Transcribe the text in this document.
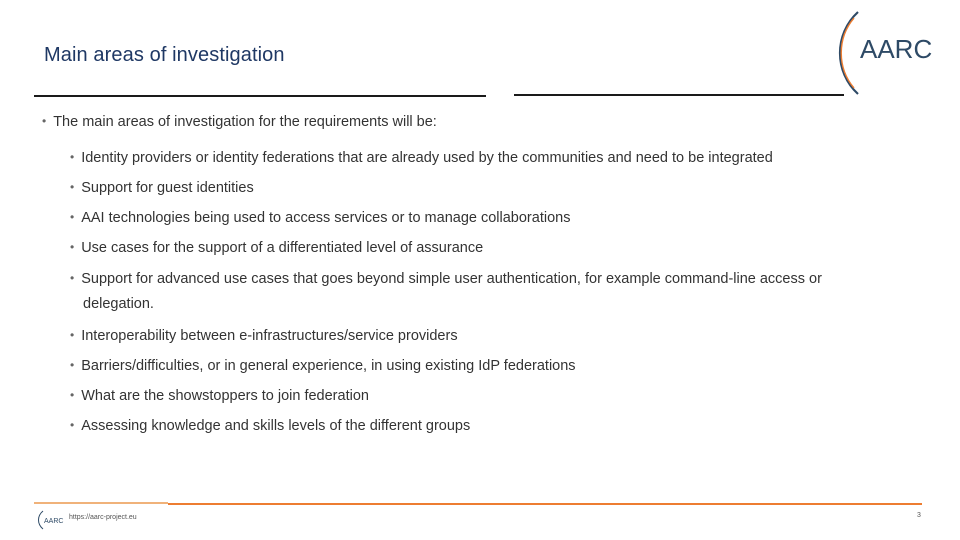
Main areas of investigation	AARC
• The main areas of investigation for the requirements will be:
• Identity providers or identity federations that are already used by the communities and need to be integrated
• Support for guest identities
• AAI technologies being used to access services or to manage collaborations
• Use cases for the support of a differentiated level of assurance
• Support for advanced use cases that goes beyond simple user authentication, for example command-line access or delegation.
• Interoperability between e-infrastructures/service providers
• Barriers/difficulties, or in general experience, in using existing IdP federations
• What are the showstoppers to join federation
• Assessing knowledge and skills levels of the different groups
AARC
https://aarc-project.eu	3
